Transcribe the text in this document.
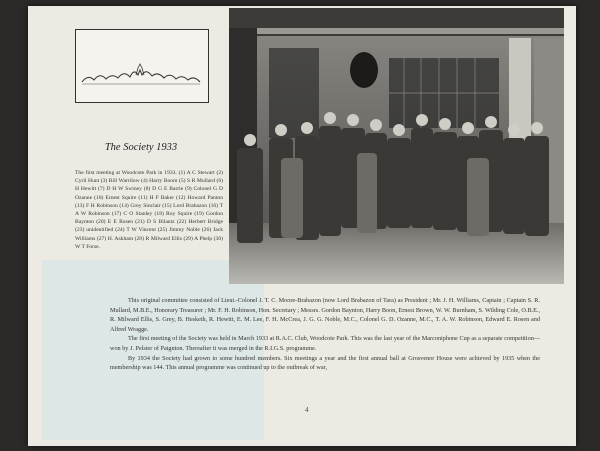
The Society 1933
The first meeting at Woodcote Park in 1933. (1) A C Stewart (2) Cyril Hunt (3) Bill Warrilow (4) Harry Boom (5) S R Mullard (6) H Hewitt (7) D H W Swiney (8) D G E Barrie (9) Colonel G D Ozanne (10) Ernest Squire (11) H F Baker (12) Howard Panton (13) F H Robinson (14) Grey Sinclair (15) Lord Brabazon (16) T A W Robinson (17) C O Stanley (18) Roy Squire (19) Gordon Baynton (20) E E Rosen (21) D S Bilantz (22) Herbert Bridge (23) unidentified (24) T W Vincent (25) Jimmy Noble (26) Jack Williams (27) H. Askham (28) R Milward Ellis (29) A Phelp (30) W T Forse.

This original committee consisted of Lieut.-Colonel J. T. C. Moore-Brabazon (now Lord Brabazon of Tara) as President ; Mr. J. H. Williams, Captain ; Captain S. R. Mullard, M.B.E., Honorary Treasurer ; Mr. F. H. Robinson, Hon. Secretary ; Messrs. Gordon Baynton, Harry Boon, Ernest Brown, W. W. Burnham, S. Wilding Cole, O.B.E., R. Milward Ellis, S. Grey, B. Hesketh, R. Hewitt, E. M. Lee, F. H. McCrea, J. G. G. Noble, M.C., Colonel G. D. Ozanne, M.C., T. A. W. Robinson, Edward E. Rosen and Alfred Wragge.

The first meeting of the Society was held in March 1933 at R.A.C. Club, Woodcote Park. This was the last year of the Marconiphone Cup as a separate competition—won by J. Pelster of Paignton. Thereafter it was merged in the R.I.G.S. programme.

By 1934 the Society had grown to some hundred members. Six meetings a year and the first annual ball at Grosvenor House were achieved by 1935 when the membership was 144. This annual programme was continued up to the outbreak of war,

4
